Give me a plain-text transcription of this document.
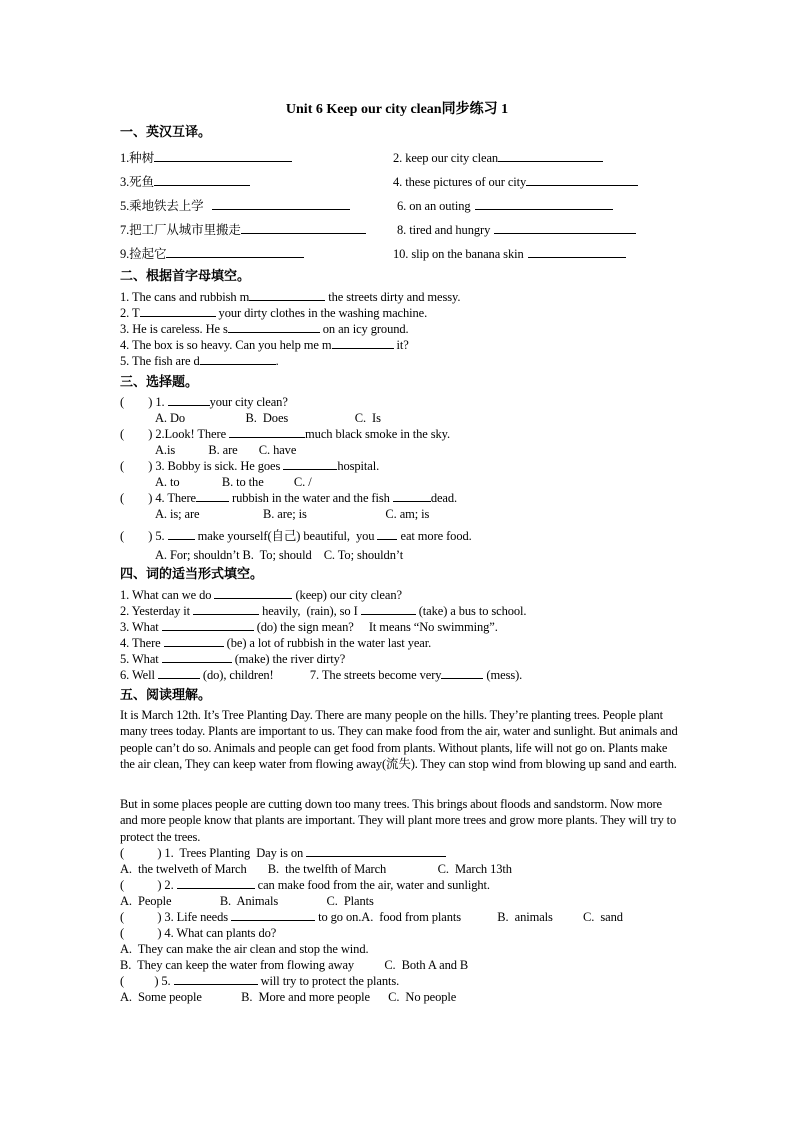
Unit 6 Keep our city clean同步练习 1
一、英汉互译。
1.种树	2. keep our city clean
3.死鱼	4. these pictures of our city
5.乘地铁去上学	6. on an outing
7.把工厂从城市里搬走	8. tired and hungry
9.捡起它	10. slip on the banana skin
二、根据首字母填空。
1. The cans and rubbish m	the streets dirty and messy.
2. T	your dirty clothes in the washing machine.
3. He is careless. He s	on an icy ground.
4. The box is so heavy. Can you help me m	it?
5. The fish are d	.
三、选择题。
(        ) 1.	your city clean?
A. Do                    B.  Does                      C.  Is
(        ) 2.Look! There	much black smoke in the sky.
A.is           B. are       C. have
(        ) 3. Bobby is sick. He goes	hospital.
A. to              B. to the          C. /
(        ) 4. There	rubbish in the water and the fish	dead.
A. is; are                     B. are; is                          C. am; is
(        ) 5.  make yourself(自己) beautiful,  you  eat more food.
A. For; shouldn’t B.  To; should    C. To; shouldn’t
四、词的适当形式填空。
1. What can we do	(keep) our city clean?
2. Yesterday it	heavily,  (rain), so I	(take) a bus to school.
3. What	(do) the sign mean?     It means “No swimming”.
4. There	(be) a lot of rubbish in the water last year.
5. What	(make) the river dirty?
6. Well	(do), children!            7. The streets become very	(mess).
五、阅读理解。
It is March 12th. It’s Tree Planting Day. There are many people on the hills. They’re planting trees. People plant many trees today. Plants are important to us. They can make food from the air, water and sunlight. But animals and people can’t do so. Animals and people can get food from plants. Without plants, life will not go on. Plants make the air clean, They can keep water from flowing away(流失). They can stop wind from blowing up sand and earth.
But in some places people are cutting down too many trees. This brings about floods and sandstorm. Now more and more people know that plants are important. They will plant more trees and grow more plants. They will try to protect the trees.
(           ) 1.  Trees Planting  Day is on
A.  the twelveth of March       B.  the twelfth of March                 C.  March 13th
(           ) 2.	can make food from the air, water and sunlight.
A.  People                B.  Animals                C.  Plants
(           ) 3. Life needs	to go on.A.  food from plants            B.  animals          C.  sand
(           ) 4. What can plants do?
A.  They can make the air clean and stop the wind.
B.  They can keep the water from flowing away          C.  Both A and B
(          ) 5.	will try to protect the plants.
A.  Some people             B.  More and more people      C.  No people
